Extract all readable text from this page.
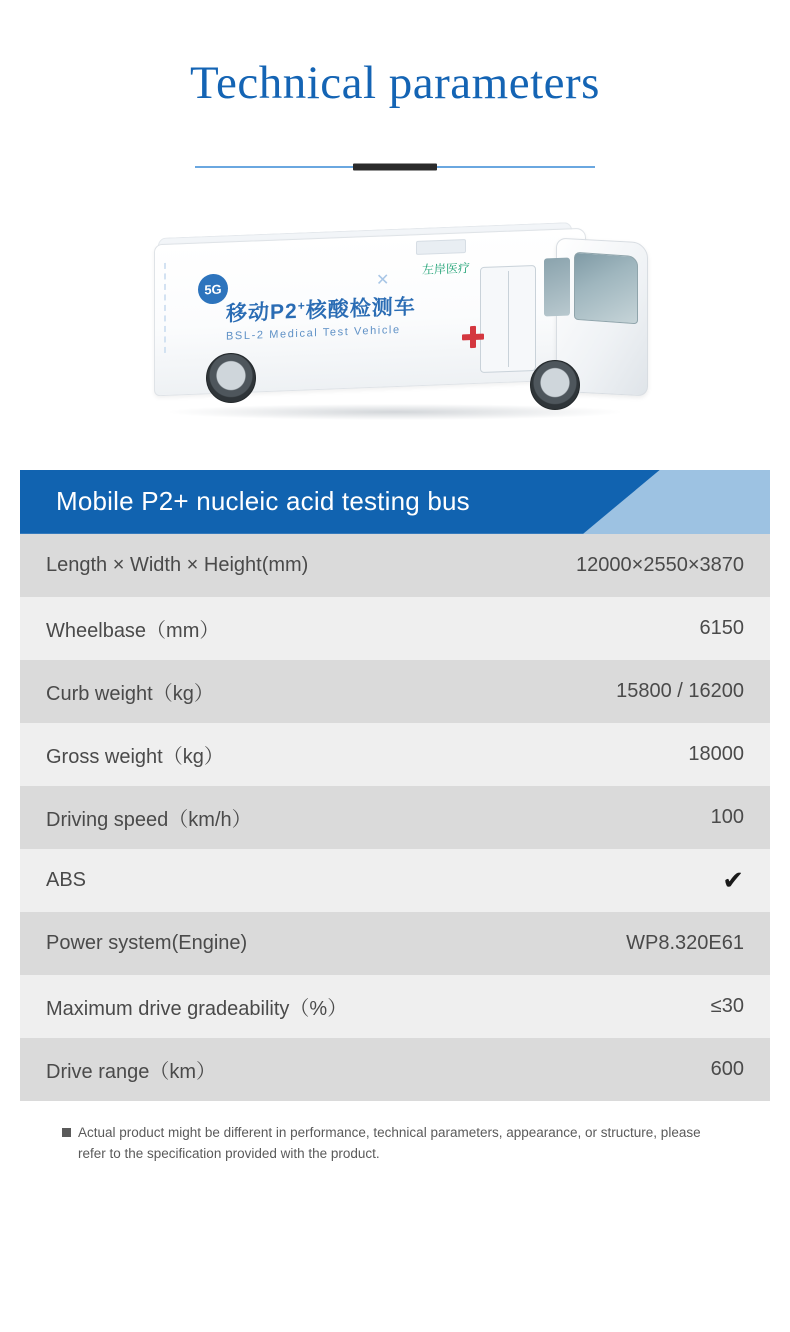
Technical parameters
5G	✕
左岸医疗
移动P2+核酸检测车
BSL-2 Medical Test Vehicle
Mobile P2+ nucleic acid testing bus
Length × Width × Height(mm)	12000×2550×3870
Wheelbase（mm）	6150
Curb weight（kg）	15800 / 16200
Gross weight（kg）	18000
Driving speed（km/h）	100
ABS	✔
Power system(Engine)	WP8.320E61
Maximum drive gradeability（%）	≤30
Drive range（km）	600
Actual product might be different in performance, technical parameters, appearance, or structure, please refer to the specification provided with the product.
